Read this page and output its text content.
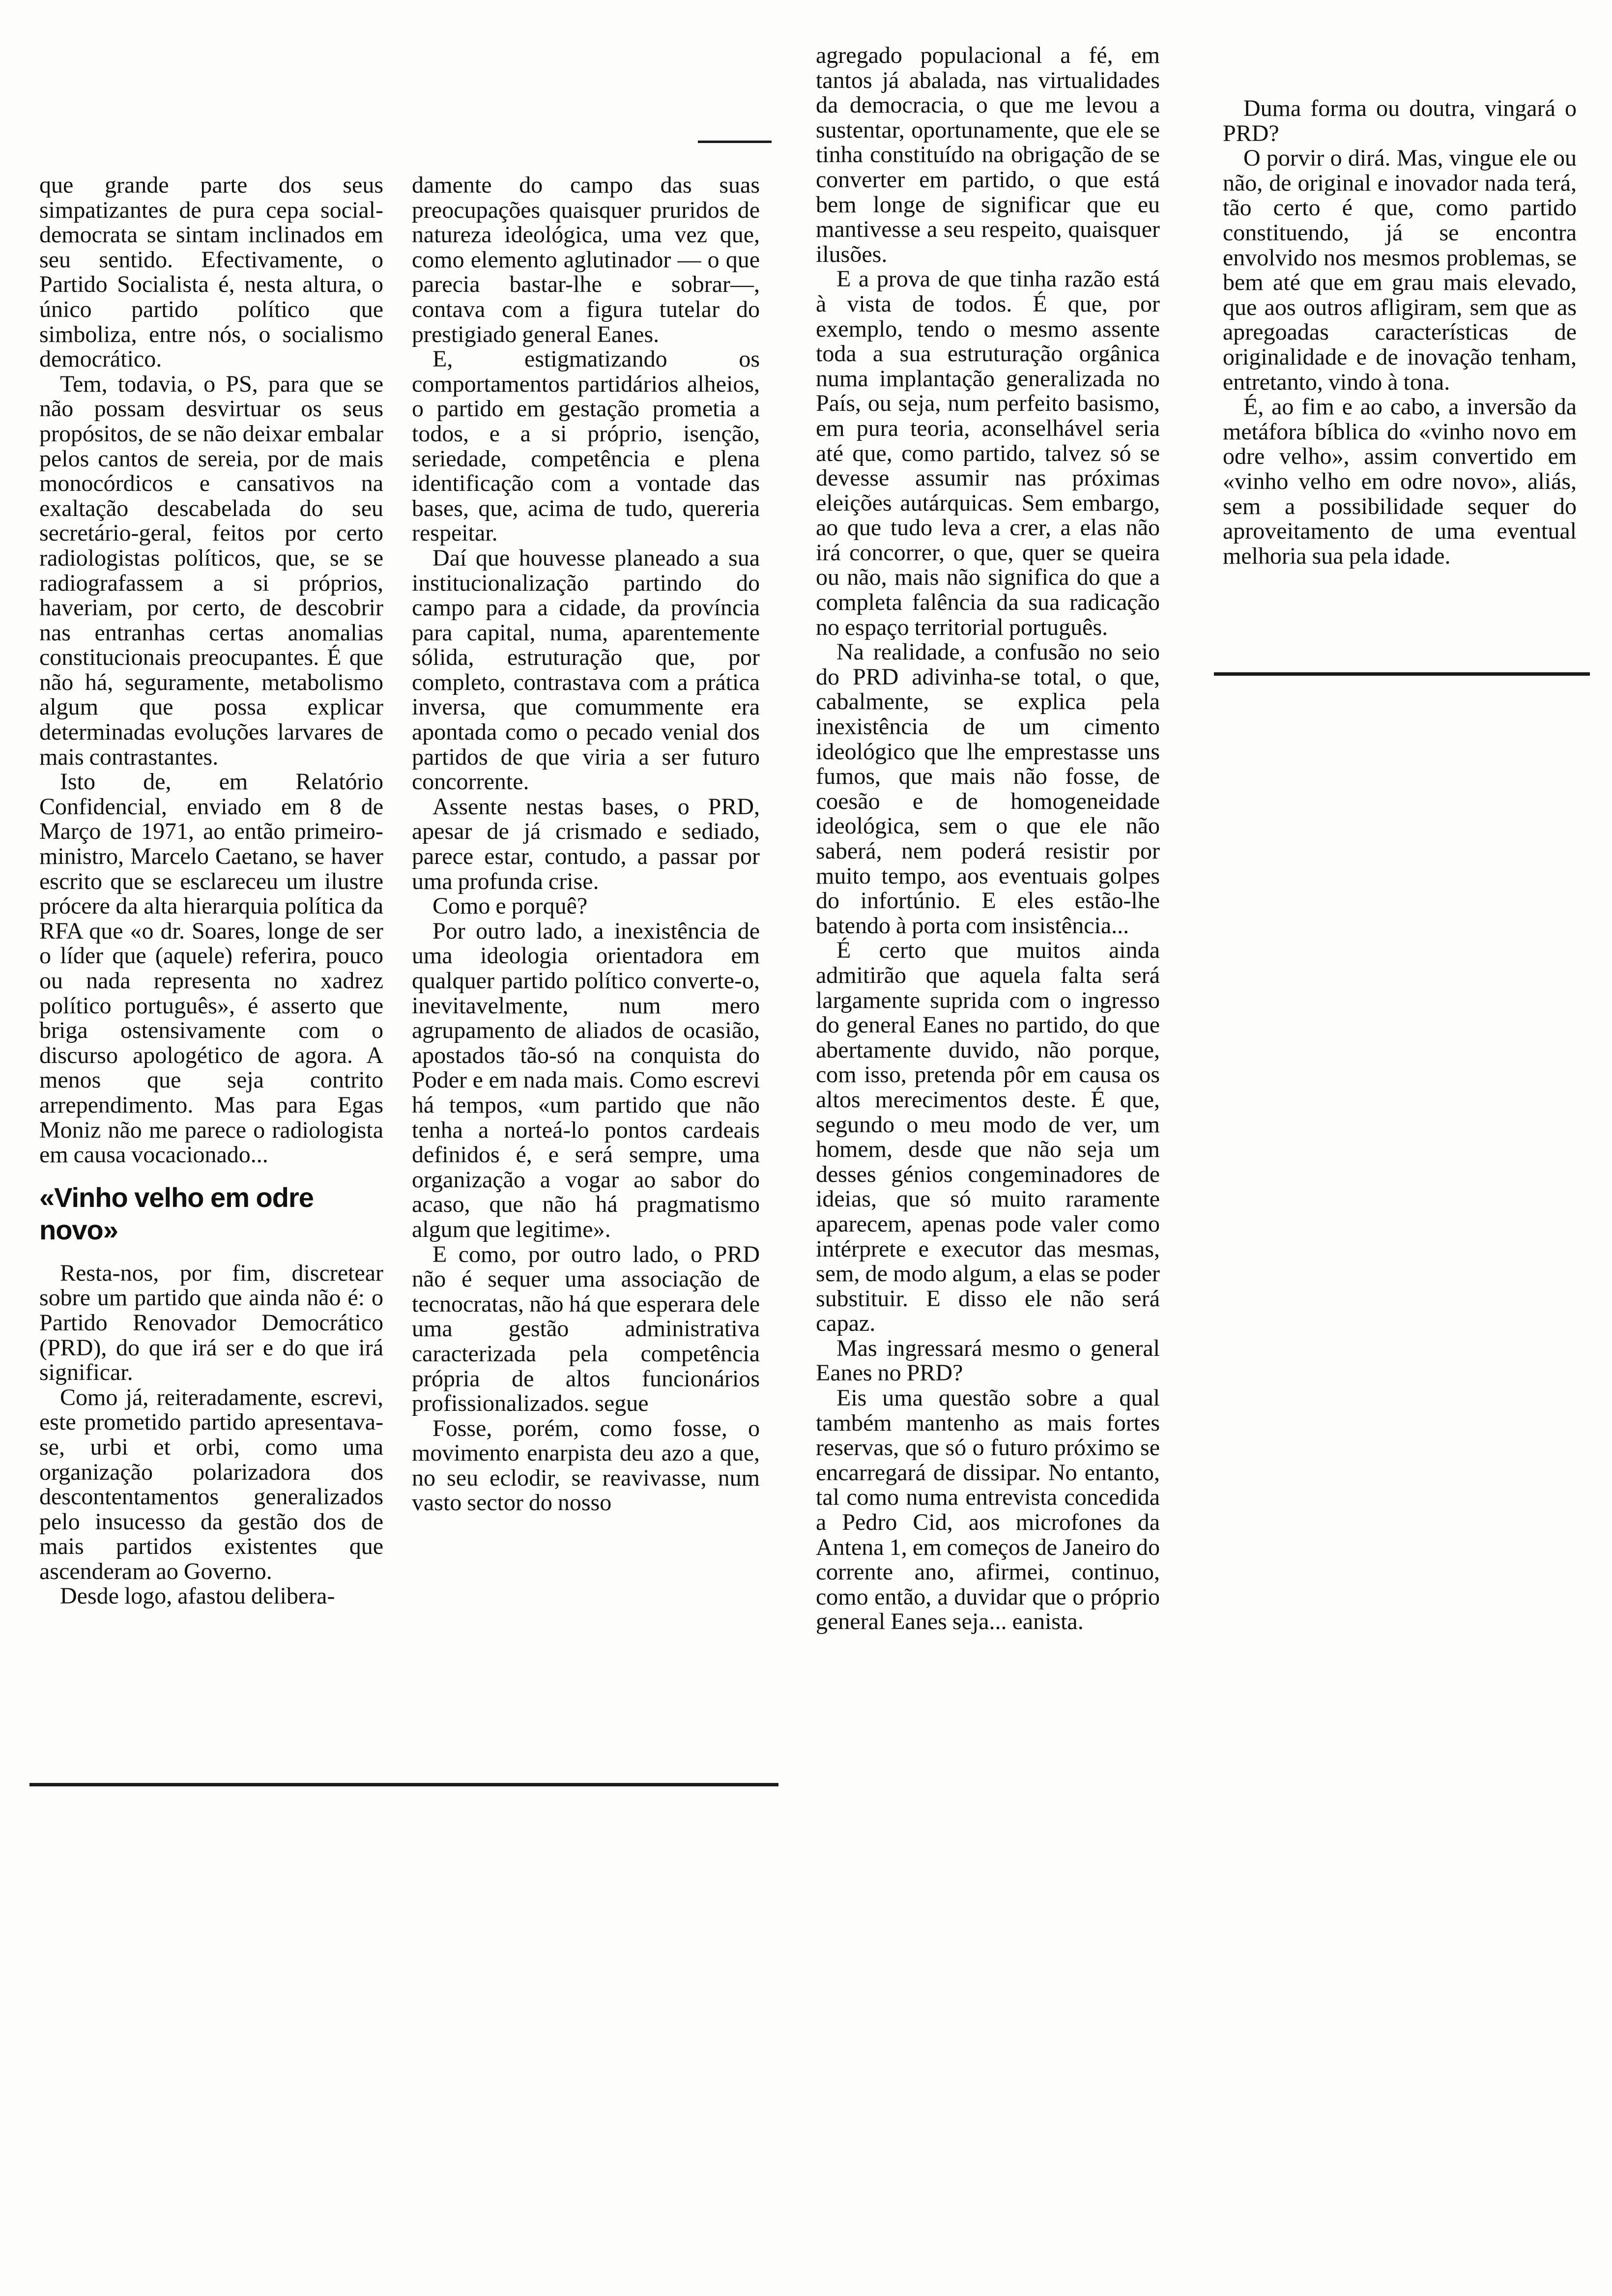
que grande parte dos seus simpatizantes de pura cepa social-democrata se sintam inclinados em seu sentido. Efectivamente, o Partido Socialista é, nesta altura, o único partido político que simboliza, entre nós, o socialismo democrático.

Tem, todavia, o PS, para que se não possam desvirtuar os seus propósitos, de se não deixar embalar pelos cantos de sereia, por de mais monocórdicos e cansativos na exaltação descabelada do seu secretário-geral, feitos por certo radiologistas políticos, que, se se radiografassem a si próprios, haveriam, por certo, de descobrir nas entranhas certas anomalias constitucionais preocupantes. É que não há, seguramente, metabolismo algum que possa explicar determinadas evoluções larvares de mais contrastantes.

Isto de, em Relatório Confidencial, enviado em 8 de Março de 1971, ao então primeiro-ministro, Marcelo Caetano, se haver escrito que se esclareceu um ilustre prócere da alta hierarquia política da RFA que «o dr. Soares, longe de ser o líder que (aquele) referira, pouco ou nada representa no xadrez político português», é asserto que briga ostensivamente com o discurso apologético de agora. A menos que seja contrito arrependimento. Mas para Egas Moniz não me parece o radiologista em causa vocacionado...

«Vinho velho em odre novo»

Resta-nos, por fim, discretear sobre um partido que ainda não é: o Partido Renovador Democrático (PRD), do que irá ser e do que irá significar.

Como já, reiteradamente, escrevi, este prometido partido apresentava-se, urbi et orbi, como uma organização polarizadora dos descontentamentos generalizados pelo insucesso da gestão dos de mais partidos existentes que ascenderam ao Governo.

Desde logo, afastou delibera-

damente do campo das suas preocupações quaisquer pruridos de natureza ideológica, uma vez que, como elemento aglutinador — o que parecia bastar-lhe e sobrar—, contava com a figura tutelar do prestigiado general Eanes.

E, estigmatizando os comportamentos partidários alheios, o partido em gestação prometia a todos, e a si próprio, isenção, seriedade, competência e plena identificação com a vontade das bases, que, acima de tudo, quereria respeitar.

Daí que houvesse planeado a sua institucionalização partindo do campo para a cidade, da província para capital, numa, aparentemente sólida, estruturação que, por completo, contrastava com a prática inversa, que comummente era apontada como o pecado venial dos partidos de que viria a ser futuro concorrente.

Assente nestas bases, o PRD, apesar de já crismado e sediado, parece estar, contudo, a passar por uma profunda crise.

Como e porquê?

Por outro lado, a inexistência de uma ideologia orientadora em qualquer partido político converte-o, inevitavelmente, num mero agrupamento de aliados de ocasião, apostados tão-só na conquista do Poder e em nada mais. Como escrevi há tempos, «um partido que não tenha a norteá-lo pontos cardeais definidos é, e será sempre, uma organização a vogar ao sabor do acaso, que não há pragmatismo algum que legitime».

E como, por outro lado, o PRD não é sequer uma associação de tecnocratas, não há que esperara dele uma gestão administrativa caracterizada pela competência própria de altos funcionários profissionalizados. segue

Fosse, porém, como fosse, o movimento enarpista deu azo a que, no seu eclodir, se reavivasse, num vasto sector do nosso

agregado populacional a fé, em tantos já abalada, nas virtualidades da democracia, o que me levou a sustentar, oportunamente, que ele se tinha constituído na obrigação de se converter em partido, o que está bem longe de significar que eu mantivesse a seu respeito, quaisquer ilusões.

E a prova de que tinha razão está à vista de todos. É que, por exemplo, tendo o mesmo assente toda a sua estruturação orgânica numa implantação generalizada no País, ou seja, num perfeito basismo, em pura teoria, aconselhável seria até que, como partido, talvez só se devesse assumir nas próximas eleições autárquicas. Sem embargo, ao que tudo leva a crer, a elas não irá concorrer, o que, quer se queira ou não, mais não significa do que a completa falência da sua radicação no espaço territorial português.

Na realidade, a confusão no seio do PRD adivinha-se total, o que, cabalmente, se explica pela inexistência de um cimento ideológico que lhe emprestasse uns fumos, que mais não fosse, de coesão e de homogeneidade ideológica, sem o que ele não saberá, nem poderá resistir por muito tempo, aos eventuais golpes do infortúnio. E eles estão-lhe batendo à porta com insistência...

É certo que muitos ainda admitirão que aquela falta será largamente suprida com o ingresso do general Eanes no partido, do que abertamente duvido, não porque, com isso, pretenda pôr em causa os altos merecimentos deste. É que, segundo o meu modo de ver, um homem, desde que não seja um desses génios congeminadores de ideias, que só muito raramente aparecem, apenas pode valer como intérprete e executor das mesmas, sem, de modo algum, a elas se poder substituir. E disso ele não será capaz.

Mas ingressará mesmo o general Eanes no PRD?

Eis uma questão sobre a qual também mantenho as mais fortes reservas, que só o futuro próximo se encarregará de dissipar. No entanto, tal como numa entrevista concedida a Pedro Cid, aos microfones da Antena 1, em começos de Janeiro do corrente ano, afirmei, continuo, como então, a duvidar que o próprio general Eanes seja... eanista.

Duma forma ou doutra, vingará o PRD?

O porvir o dirá. Mas, vingue ele ou não, de original e inovador nada terá, tão certo é que, como partido constituendo, já se encontra envolvido nos mesmos problemas, se bem até que em grau mais elevado, que aos outros afligiram, sem que as apregoadas características de originalidade e de inovação tenham, entretanto, vindo à tona.

É, ao fim e ao cabo, a inversão da metáfora bíblica do «vinho novo em odre velho», assim convertido em «vinho velho em odre novo», aliás, sem a possibilidade sequer do aproveitamento de uma eventual melhoria sua pela idade.
